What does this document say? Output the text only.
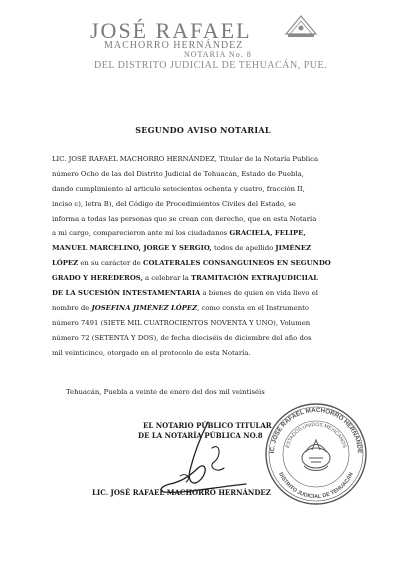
JOSÉ RAFAEL
MACHORRO HERNÁNDEZ
NOTARIA No. 8
DEL DISTRITO JUDICIAL DE TEHUACÁN, PUE.
SEGUNDO AVISO NOTARIAL
LIC. JOSÉ RAFAEL MACHORRO HERNÁNDEZ, Titular de la Notaría Publica
número Ocho de las del Distrito Judicial de Tehuacán, Estado de Puebla,
dando cumplimiento al articulo setecientos ochenta y cuatro, fracción II,
inciso c), letra B), del Código de Procedimientos Civiles del Estado, se
informa a todas las personas que se crean con derecho, que en esta Notaría
a mi cargo, comparecieron ante mí los ciudadanos GRACIELA, FELIPE,
MANUEL MARCELINO, JORGE Y SERGIO, todos de apellido JIMÉNEZ
LÓPEZ en su carácter de COLATERALES CONSANGUINEOS EN SEGUNDO
GRADO Y HEREDEROS, a celebrar la TRAMITACIÓN EXTRAJUDICIIAL
DE LA SUCESIÓN INTESTAMENTARIA a bienes de quien en vida llevo el
nombre de JOSEFINA JIMÉNEZ LÓPEZ, como consta en el Instrumento
número 7491 (SIETE MIL CUATROCIENTOS NOVENTA Y UNO), Volumen
número 72 (SETENTA Y DOS), de fecha dieciséis de diciembre del año dos
mil veinticinco, otorgado en el protocolo de esta Notaría.
Tehuacán, Puebla a veinte de enero del dos mil veintiséis
EL NOTARIO PÚBLICO TITULAR
DE LA NOTARÍA PÚBLICA NO.8
LIC. JOSÉ RAFAEL MACHORRO HERNÁNDEZ
IC. JOSÉ RAFAEL MACHORRO HERNÁNDE
ESTADOS UNIDOS MEXICANOS
DISTRITO JUDICIAL DE TEHUACÁN
